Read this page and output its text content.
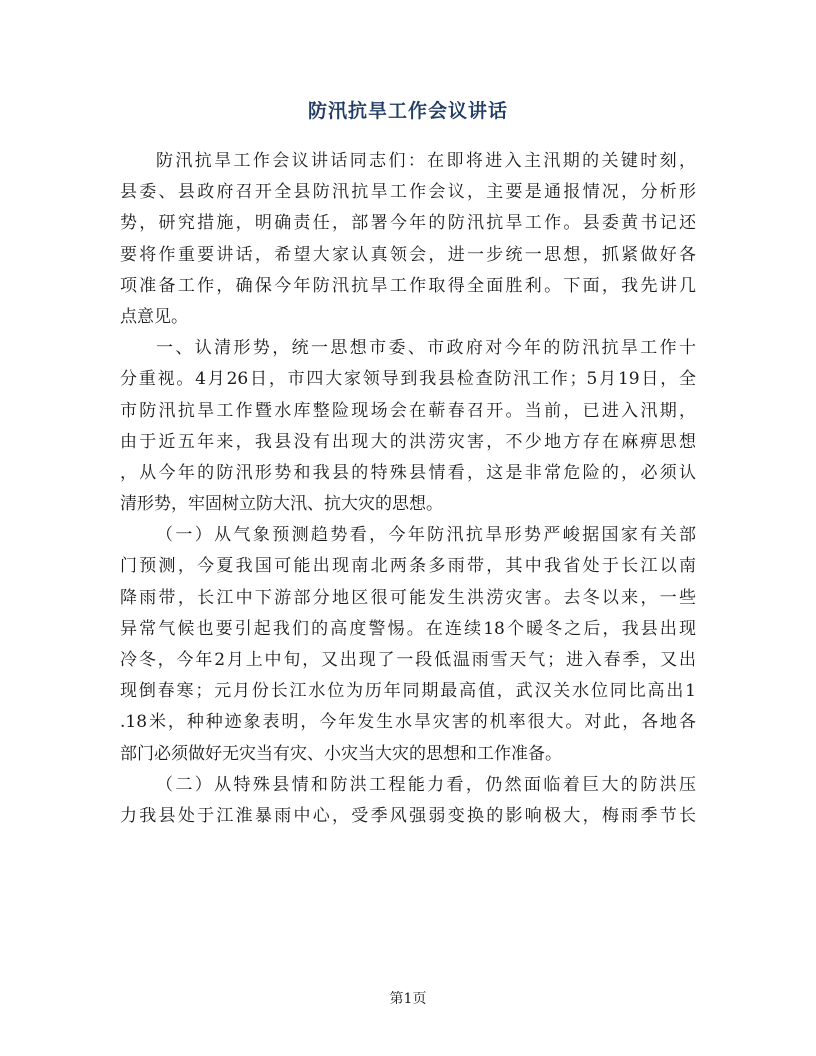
防汛抗旱工作会议讲话
防汛抗旱工作会议讲话同志们：在即将进入主汛期的关键时刻，
县委、县政府召开全县防汛抗旱工作会议，主要是通报情况，分析形
势，研究措施，明确责任，部署今年的防汛抗旱工作。县委黄书记还
要将作重要讲话，希望大家认真领会，进一步统一思想，抓紧做好各
项准备工作，确保今年防汛抗旱工作取得全面胜利。下面，我先讲几
点意见。
一、认清形势，统一思想市委、市政府对今年的防汛抗旱工作十
分重视。4月26日，市四大家领导到我县检查防汛工作；5月19日，全
市防汛抗旱工作暨水库整险现场会在蕲春召开。当前，已进入汛期，
由于近五年来，我县没有出现大的洪涝灾害，不少地方存在麻痹思想
，从今年的防汛形势和我县的特殊县情看，这是非常危险的，必须认
清形势，牢固树立防大汛、抗大灾的思想。
（一）从气象预测趋势看，今年防汛抗旱形势严峻据国家有关部
门预测，今夏我国可能出现南北两条多雨带，其中我省处于长江以南
降雨带，长江中下游部分地区很可能发生洪涝灾害。去冬以来，一些
异常气候也要引起我们的高度警惕。在连续18个暖冬之后，我县出现
冷冬，今年2月上中旬，又出现了一段低温雨雪天气；进入春季，又出
现倒春寒；元月份长江水位为历年同期最高值，武汉关水位同比高出1
.18米，种种迹象表明，今年发生水旱灾害的机率很大。对此，各地各
部门必须做好无灾当有灾、小灾当大灾的思想和工作准备。
（二）从特殊县情和防洪工程能力看，仍然面临着巨大的防洪压
力我县处于江淮暴雨中心，受季风强弱变换的影响极大，梅雨季节长
第1页
